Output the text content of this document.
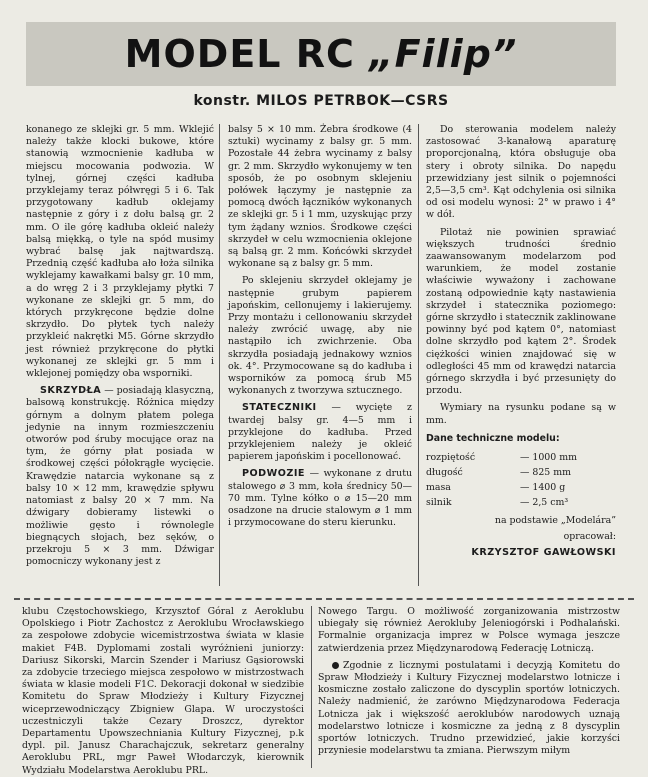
MODEL RC „Filip”
konstr. MILOS PETRBOK—CSRS

konanego ze sklejki gr. 5 mm. Wklejić należy także klocki bukowe, które stanowią wzmocnienie kadłuba w miejscu mocowania podwozia. W tylnej, górnej części kadłuba przyklejamy teraz półwręgi 5 i 6. Tak przygotowany kadłub oklejamy następnie z góry i z dołu balsą gr. 2 mm. O ile górę kadłuba okleić należy balsą miękką, o tyle na spód musimy wybrać balsę jak najtwardszą. Przednią część kadłuba ało łoża silnika wyklejamy kawałkami balsy gr. 10 mm, a do wręg 2 i 3 przyklejamy płytki 7 wykonane ze sklejki gr. 5 mm, do których przykręcone będzie dolne skrzydło. Do płytek tych należy przykleić nakrętki M5. Górne skrzydło jest również przykręcone do płytki wykonanej ze sklejki gr. 5 mm i wklejonej pomiędzy oba wsporniki.

SKRZYDŁA — posiadają klasyczną, balsową konstrukcję. Różnica między górnym a dolnym płatem polega jedynie na innym rozmieszczeniu otworów pod śruby mocujące oraz na tym, że górny płat posiada w środkowej części półokrągłe wycięcie. Krawędzie natarcia wykonane są z balsy 10 × 12 mm, krawędzie spływu natomiast z balsy 20 × 7 mm. Na dźwigary dobieramy listewki o możliwie gęsto i równolegle biegnących słojach, bez sęków, o przekroju 5 × 3 mm. Dźwigar pomocniczy wykonany jest z

balsy 5 × 10 mm. Żebra środkowe (4 sztuki) wycinamy z balsy gr. 5 mm. Pozostałe 44 żebra wycinamy z balsy gr. 2 mm. Skrzydło wykonujemy w ten sposób, że po osobnym sklejeniu połówek łączymy je następnie za pomocą dwóch łączników wykonanych ze sklejki gr. 5 i 1 mm, uzyskując przy tym żądany wznios. Środkowe części skrzydeł w celu wzmocnienia oklejone są balsą gr. 2 mm. Końcówki skrzydeł wykonane są z balsy gr. 5 mm.

Po sklejeniu skrzydeł oklejamy je następnie grubym papierem japońskim, cellonujemy i lakierujemy. Przy montażu i cellonowaniu skrzydeł należy zwrócić uwagę, aby nie nastąpiło ich zwichrzenie. Oba skrzydła posiadają jednakowy wznios ok. 4°. Przymocowane są do kadłuba i wsporników za pomocą śrub M5 wykonanych z tworzywa sztucznego.

STATECZNIKI — wycięte z twardej balsy gr. 4—5 mm i przyklejone do kadłuba. Przed przyklejeniem należy je okleić papierem japońskim i pocellonować.

PODWOZIE — wykonane z drutu stalowego ⌀ 3 mm, koła średnicy 50—70 mm. Tylne kółko o ⌀ 15—20 mm osadzone na drucie stalowym ⌀ 1 mm i przymocowane do steru kierunku.

Do sterowania modelem należy zastosować 3-kanałową aparaturę proporcjonalną, która obsługuje oba stery i obroty silnika. Do napędu przewidziany jest silnik o pojemności 2,5—3,5 cm³. Kąt odchylenia osi silnika od osi modelu wynosi: 2° w prawo i 4° w dół.

Pilotaż nie powinien sprawiać większych trudności średnio zaawansowanym modelarzom pod warunkiem, że model zostanie właściwie wyważony i zachowane zostaną odpowiednie kąty nastawienia skrzydeł i statecznika poziomego: górne skrzydło i statecznik zaklinowane powinny być pod kątem 0°, natomiast dolne skrzydło pod kątem 2°. Środek ciężkości winien znajdować się w odległości 45 mm od krawędzi natarcia górnego skrzydła i być przesunięty do przodu.

Wymiary na rysunku podane są w mm.

Dane techniczne modelu:
rozpiętość	— 1000 mm
długość	— 825 mm
masa	— 1400 g
silnik	— 2,5 cm³
na podstawie „Modelára”
opracował:
KRZYSZTOF GAWŁOWSKI

klubu Częstochowskiego, Krzysztof Góral z Aeroklubu Opolskiego i Piotr Zachostcz z Aeroklubu Wrocławskiego za zespołowe zdobycie wicemistrzostwa świata w klasie makiet F4B. Dyplomami zostali wyróżnieni juniorzy: Dariusz Sikorski, Marcin Szender i Mariusz Gąsiorowski za zdobycie trzeciego miejsca zespołowo w mistrzostwach świata w klasie modeli F1C. Dekoracji dokonał w siedzibie Komitetu do Spraw Młodzieży i Kultury Fizycznej wiceprzewodniczący Zbigniew Glapa. W uroczystości uczestniczyli także Cezary Droszcz, dyrektor Departamentu Upowszechniania Kultury Fizycznej, p.k dypl. pil. Janusz Charachajczuk, sekretarz generalny Aeroklubu PRL, mgr Paweł Włodarczyk, kierownik Wydziału Modelarstwa Aeroklubu PRL.

Nowego Targu. O możliwość zorganizowania mistrzostw ubiegały się również Aerokluby Jeleniogórski i Podhalański. Formalnie organizacja imprez w Polsce wymaga jeszcze zatwierdzenia przez Międzynarodową Federację Lotniczą.

Zgodnie z licznymi postulatami i decyzją Komitetu do Spraw Młodzieży i Kultury Fizycznej modelarstwo lotnicze i kosmiczne zostało zaliczone do dyscyplin sportów lotniczych. Należy nadmienić, że zarówno Międzynarodowa Federacja Lotnicza jak i większość aeroklubów narodowych uznają modelarstwo lotnicze i kosmiczne za jedną z 8 dyscyplin sportów lotniczych. Trudno przewidzieć, jakie korzyści przyniesie modelarstwu ta zmiana. Pierwszym miłym
